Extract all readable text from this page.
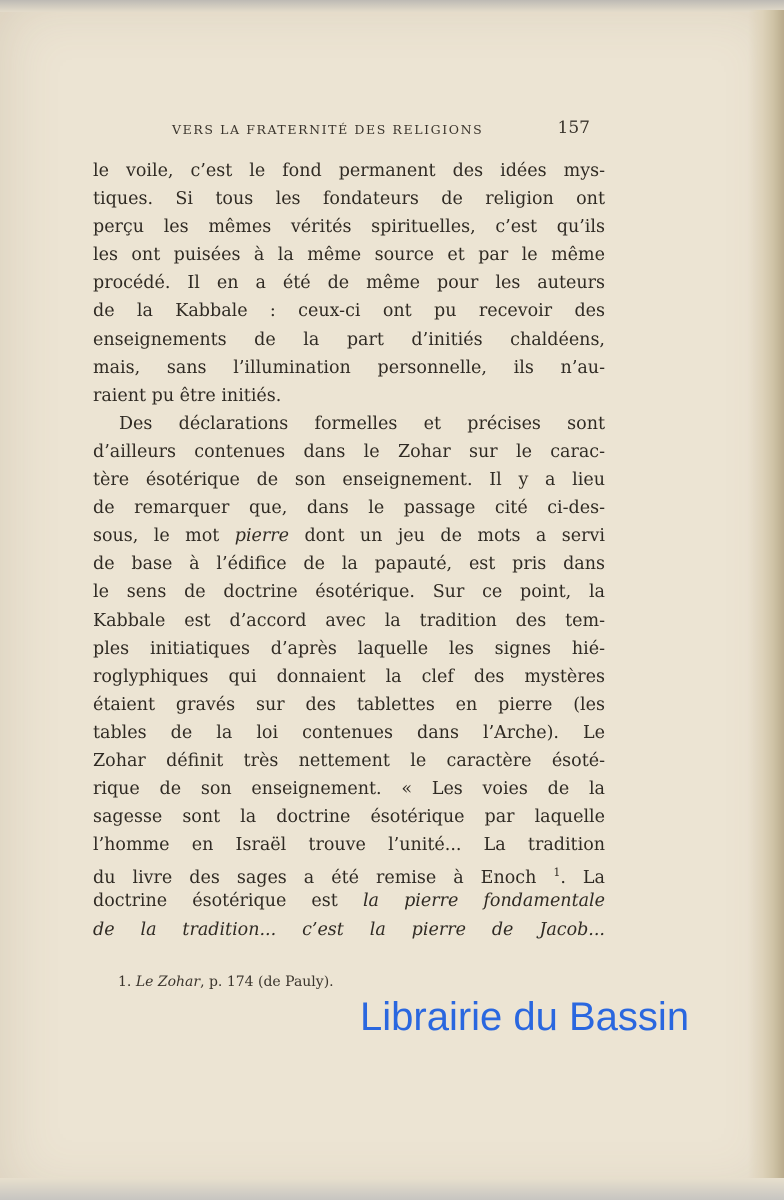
VERS LA FRATERNITÉ DES RELIGIONS	157
le voile, c’est le fond permanent des idées mys-
tiques. Si tous les fondateurs de religion ont
perçu les mêmes vérités spirituelles, c’est qu’ils
les ont puisées à la même source et par le même
procédé. Il en a été de même pour les auteurs
de la Kabbale : ceux-ci ont pu recevoir des
enseignements de la part d’initiés chaldéens,
mais, sans l’illumination personnelle, ils n’au-
raient pu être initiés.
Des déclarations formelles et précises sont
d’ailleurs contenues dans le Zohar sur le carac-
tère ésotérique de son enseignement. Il y a lieu
de remarquer que, dans le passage cité ci-des-
sous, le mot pierre dont un jeu de mots a servi
de base à l’édifice de la papauté, est pris dans
le sens de doctrine ésotérique. Sur ce point, la
Kabbale est d’accord avec la tradition des tem-
ples initiatiques d’après laquelle les signes hié-
roglyphiques qui donnaient la clef des mystères
étaient gravés sur des tablettes en pierre (les
tables de la loi contenues dans l’Arche). Le
Zohar définit très nettement le caractère ésoté-
rique de son enseignement. « Les voies de la
sagesse sont la doctrine ésotérique par laquelle
l’homme en Israël trouve l’unité... La tradition
du livre des sages a été remise à Enoch $^1$. La
doctrine ésotérique est la pierre fondamentale
de la tradition... c’est la pierre de Jacob...
1. Le Zohar, p. 174 (de Pauly).
Librairie du Bassin
